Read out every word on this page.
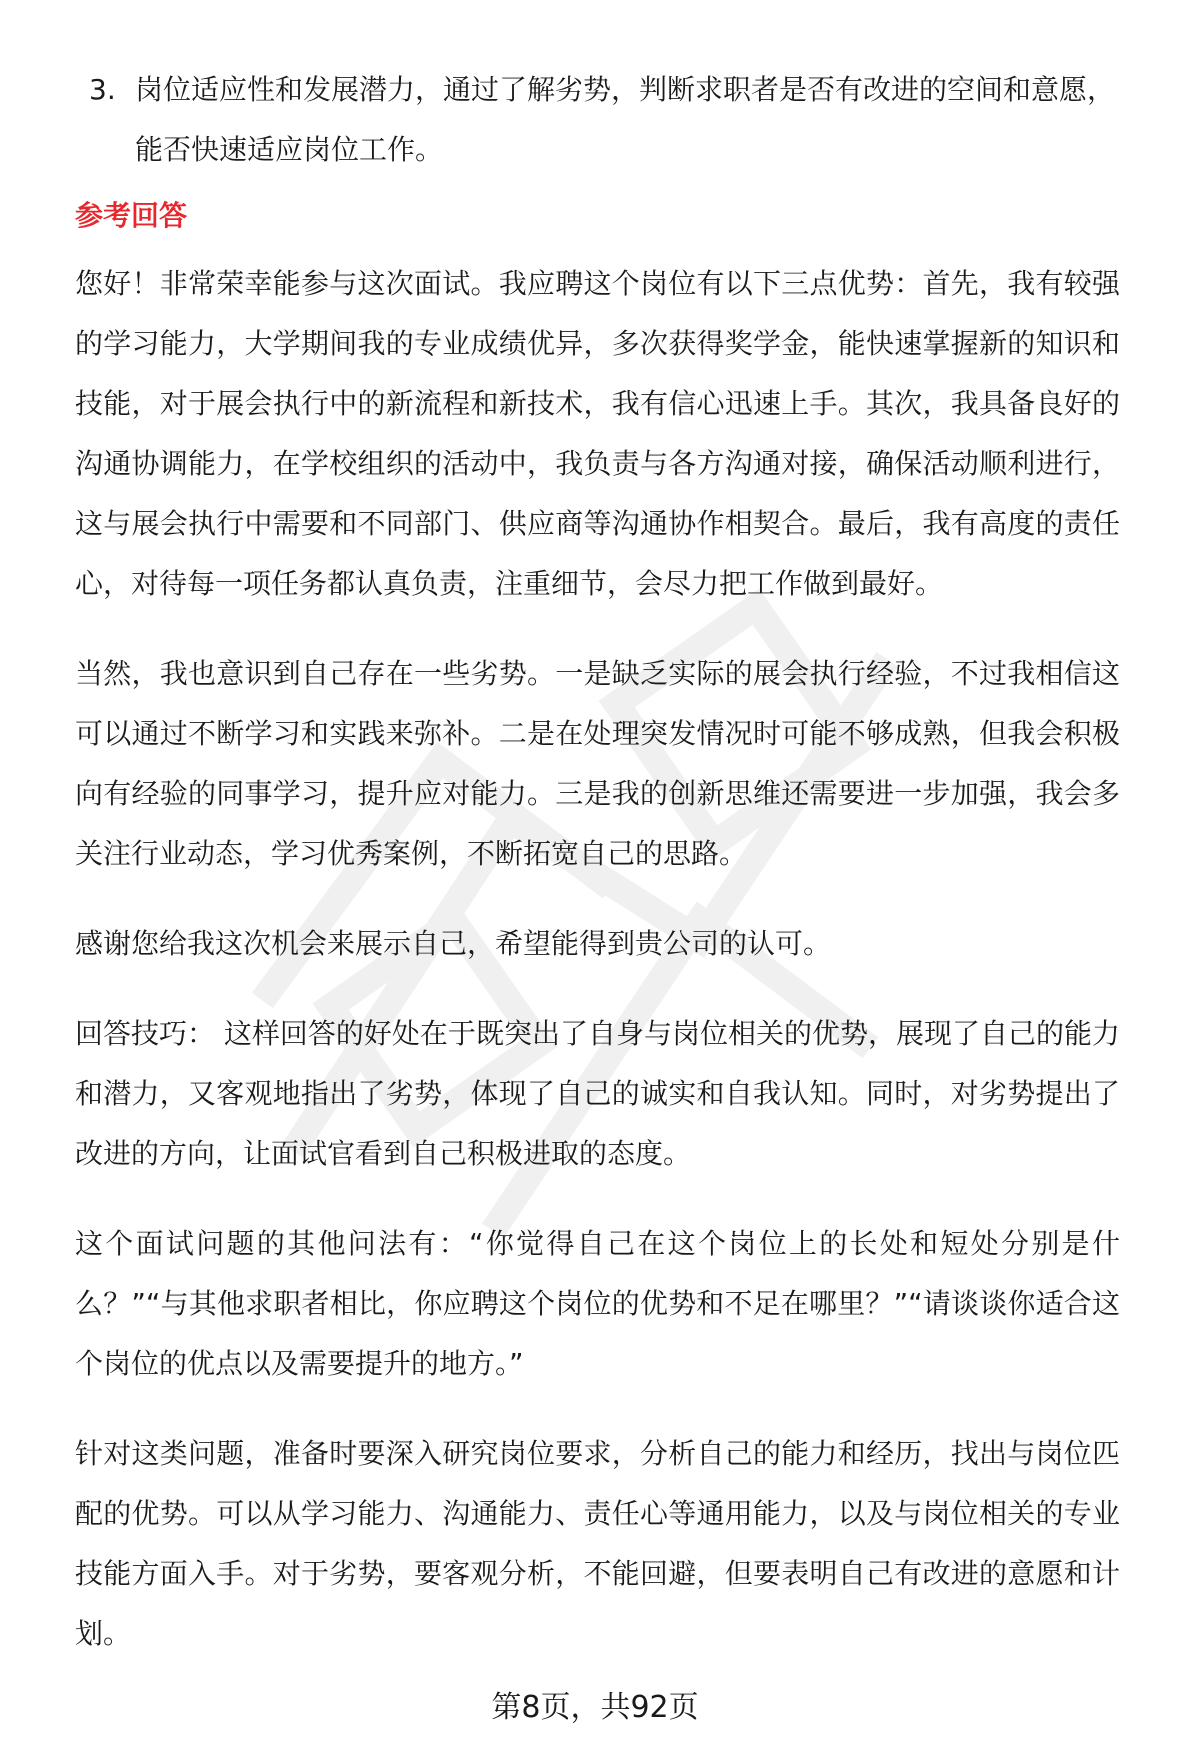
3. 岗位适应性和发展潜力，通过了解劣势，判断求职者是否有改进的空间和意愿，能否快速适应岗位工作。
参考回答

您好！非常荣幸能参与这次面试。我应聘这个岗位有以下三点优势：首先，我有较强的学习能力，大学期间我的专业成绩优异，多次获得奖学金，能快速掌握新的知识和技能，对于展会执行中的新流程和新技术，我有信心迅速上手。其次，我具备良好的沟通协调能力，在学校组织的活动中，我负责与各方沟通对接，确保活动顺利进行，这与展会执行中需要和不同部门、供应商等沟通协作相契合。最后，我有高度的责任心，对待每一项任务都认真负责，注重细节，会尽力把工作做到最好。

当然，我也意识到自己存在一些劣势。一是缺乏实际的展会执行经验，不过我相信这可以通过不断学习和实践来弥补。二是在处理突发情况时可能不够成熟，但我会积极向有经验的同事学习，提升应对能力。三是我的创新思维还需要进一步加强，我会多关注行业动态，学习优秀案例，不断拓宽自己的思路。

感谢您给我这次机会来展示自己，希望能得到贵公司的认可。

回答技巧： 这样回答的好处在于既突出了自身与岗位相关的优势，展现了自己的能力和潜力，又客观地指出了劣势，体现了自己的诚实和自我认知。同时，对劣势提出了改进的方向，让面试官看到自己积极进取的态度。

这个面试问题的其他问法有：“你觉得自己在这个岗位上的长处和短处分别是什么？”“与其他求职者相比，你应聘这个岗位的优势和不足在哪里？”“请谈谈你适合这个岗位的优点以及需要提升的地方。”

针对这类问题，准备时要深入研究岗位要求，分析自己的能力和经历，找出与岗位匹配的优势。可以从学习能力、沟通能力、责任心等通用能力，以及与岗位相关的专业技能方面入手。对于劣势，要客观分析，不能回避，但要表明自己有改进的意愿和计划。

第8页，共92页
